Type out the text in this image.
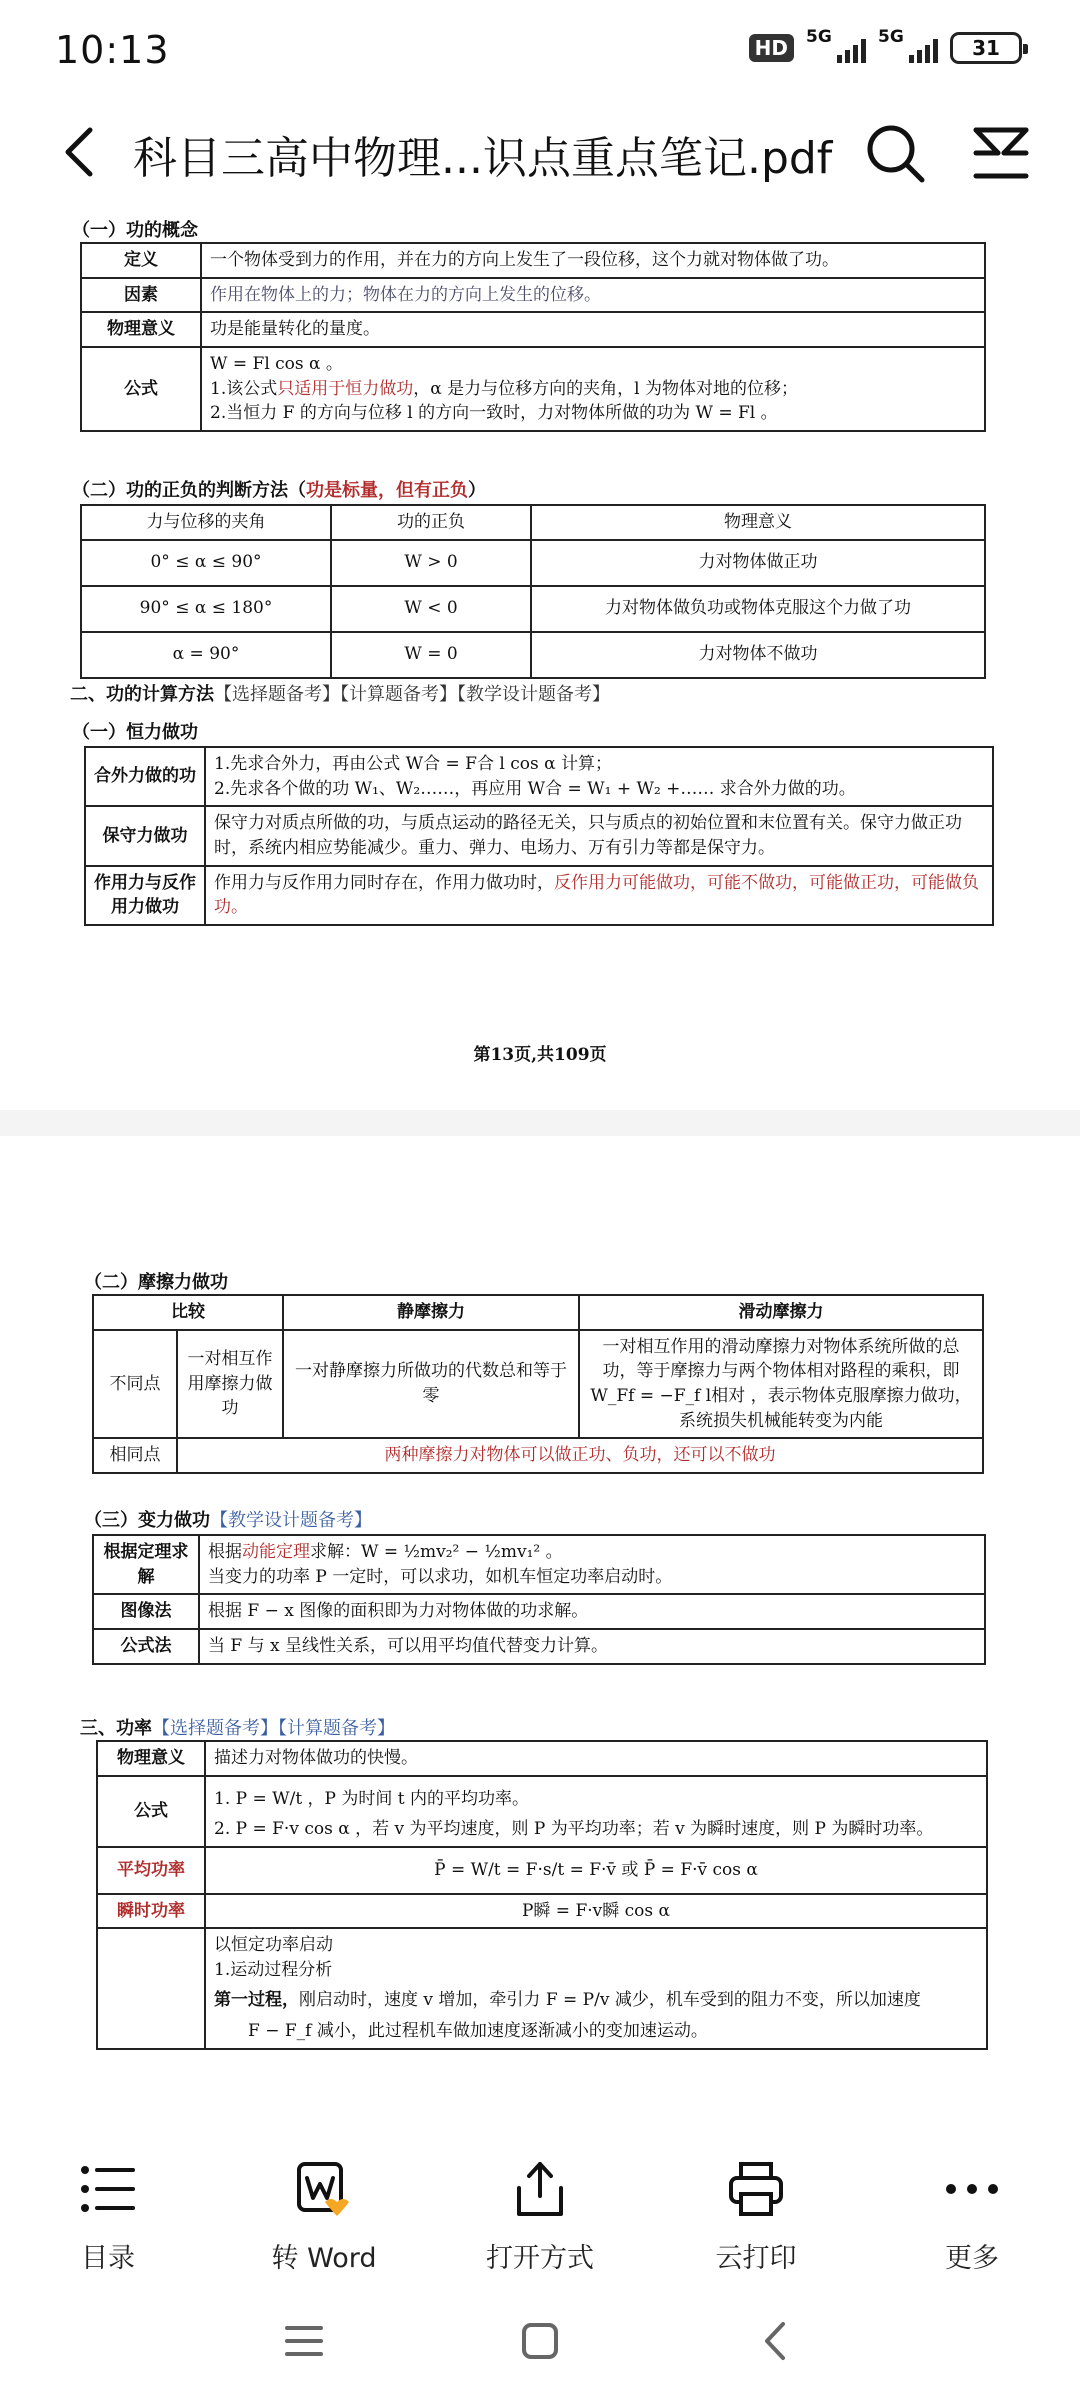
10:13	HD	5G	5G	31
科目三高中物理...识点重点笔记.pdf
（一）功的概念
定义	一个物体受到力的作用，并在力的方向上发生了一段位移，这个力就对物体做了功。
因素	作用在物体上的力；物体在力的方向上发生的位移。
物理意义	功是能量转化的量度。
公式	W = Fl cos α 。
1.该公式只适用于恒力做功，α 是力与位移方向的夹角，l 为物体对地的位移；
2.当恒力 F 的方向与位移 l 的方向一致时，力对物体所做的功为 W = Fl 。
（二）功的正负的判断方法（功是标量，但有正负）
力与位移的夹角	功的正负	物理意义
0° ≤ α ≤ 90°	W > 0	力对物体做正功
90° ≤ α ≤ 180°	W < 0	力对物体做负功或物体克服这个力做了功
α = 90°	W = 0	力对物体不做功
二、功的计算方法【选择题备考】【计算题备考】【教学设计题备考】
（一）恒力做功
合外力做的功	1.先求合外力，再由公式 W合 = F合 l cos α 计算；
2.先求各个做的功 W₁、W₂……，再应用 W合 = W₁ + W₂ +…… 求合外力做的功。

保守力做功	保守力对质点所做的功，与质点运动的路径无关，只与质点的初始位置和末位置有关。保守力做正功时，系统内相应势能减少。重力、弹力、电场力、万有引力等都是保守力。
作用力与反作用力做功	作用力与反作用力同时存在，作用力做功时，反作用力可能做功，可能不做功，可能做正功，可能做负功。
第13页,共109页
（二）摩擦力做功
比较		静摩擦力	滑动摩擦力
不同点	一对相互作用摩擦力做功	一对静摩擦力所做功的代数总和等于零	一对相互作用的滑动摩擦力对物体系统所做的总功，等于摩擦力与两个物体相对路程的乘积，即 W_Ff = −F_f l相对 ，表示物体克服摩擦力做功，系统损失机械能转变为内能
相同点	两种摩擦力对物体可以做正功、负功，还可以不做功		
（三）变力做功【教学设计题备考】
根据定理求解	根据动能定理求解：W = ½mv₂² − ½mv₁² 。
当变力的功率 P 一定时，可以求功，如机车恒定功率启动时。

图像法	根据 F − x 图像的面积即为力对物体做的功求解。
公式法	当 F 与 x 呈线性关系，可以用平均值代替变力计算。
三、功率【选择题备考】【计算题备考】
物理意义	描述力对物体做功的快慢。
公式	1. P = W/t ，P 为时间 t 内的平均功率。
2. P = F·v cos α ，若 v 为平均速度，则 P 为平均功率；若 v 为瞬时速度，则 P 为瞬时功率。

平均功率	P̄ = W/t = F·s/t = F·v̄ 或 P̄ = F·v̄ cos α
瞬时功率	P瞬 = F·v瞬 cos α

	以恒定功率启动
1.运动过程分析
第一过程，刚启动时，速度 v 增加，牵引力 F = P/v 减少，机车受到的阻力不变，所以加速度
F − F_f 减小，此过程机车做加速度逐渐减小的变加速运动。
目录	转 Word	打开方式	云打印	更多
